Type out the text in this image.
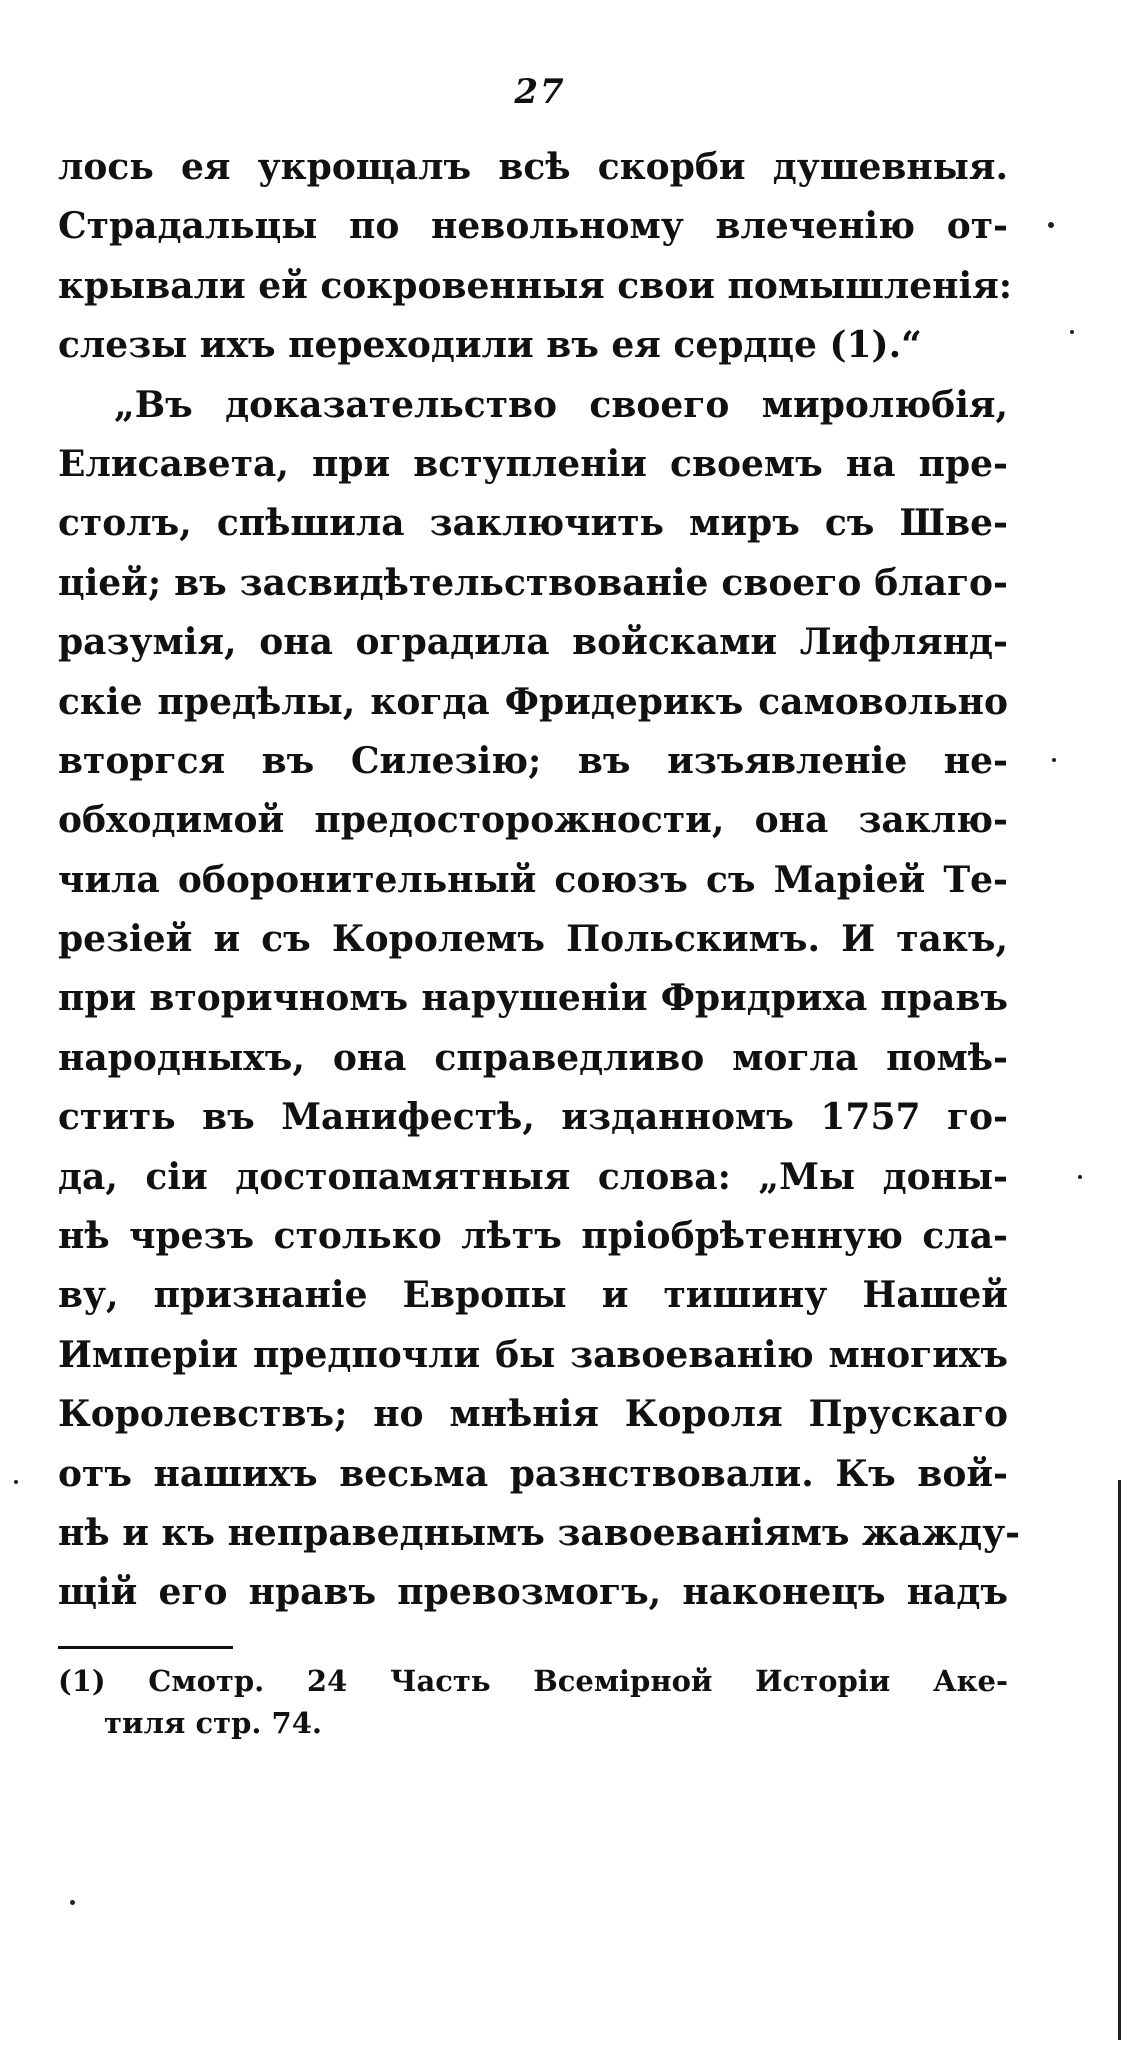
27
лось ея укрощалъ всѣ скорби душевныя.
Страдальцы по невольному влеченію от-
крывали ей сокровенныя свои помышленія:
слезы ихъ переходили въ ея сердце (1).“
„Въ доказательство своего миролюбія,
Елисавета, при вступленіи своемъ на пре-
столъ, спѣшила заключить миръ съ Шве-
ціей; въ засвидѣтельствованіе своего благо-
разумія, она оградила войсками Лифлянд-
скіе предѣлы, когда Фридерикъ самовольно
вторгся въ Силезію; въ изъявленіе не-
обходимой предосторожности, она заклю-
чила оборонительный союзъ съ Маріей Те-
резіей и съ Королемъ Польскимъ. И такъ,
при вторичномъ нарушеніи Фридриха правъ
народныхъ, она справедливо могла помѣ-
стить въ Манифестѣ, изданномъ 1757 го-
да, сіи достопамятныя слова: „Мы доны-
нѣ чрезъ столько лѣтъ пріобрѣтенную сла-
ву, признаніе Европы и тишину Нашей
Имперіи предпочли бы завоеванію многихъ
Королевствъ; но мнѣнія Короля Прускаго
отъ нашихъ весьма разнствовали. Къ вой-
нѣ и къ неправеднымъ завоеваніямъ жажду-
щій его нравъ превозмогъ, наконецъ надъ
(1) Смотр. 24 Часть Всемірной Исторіи Аке-
тиля стр. 74.
